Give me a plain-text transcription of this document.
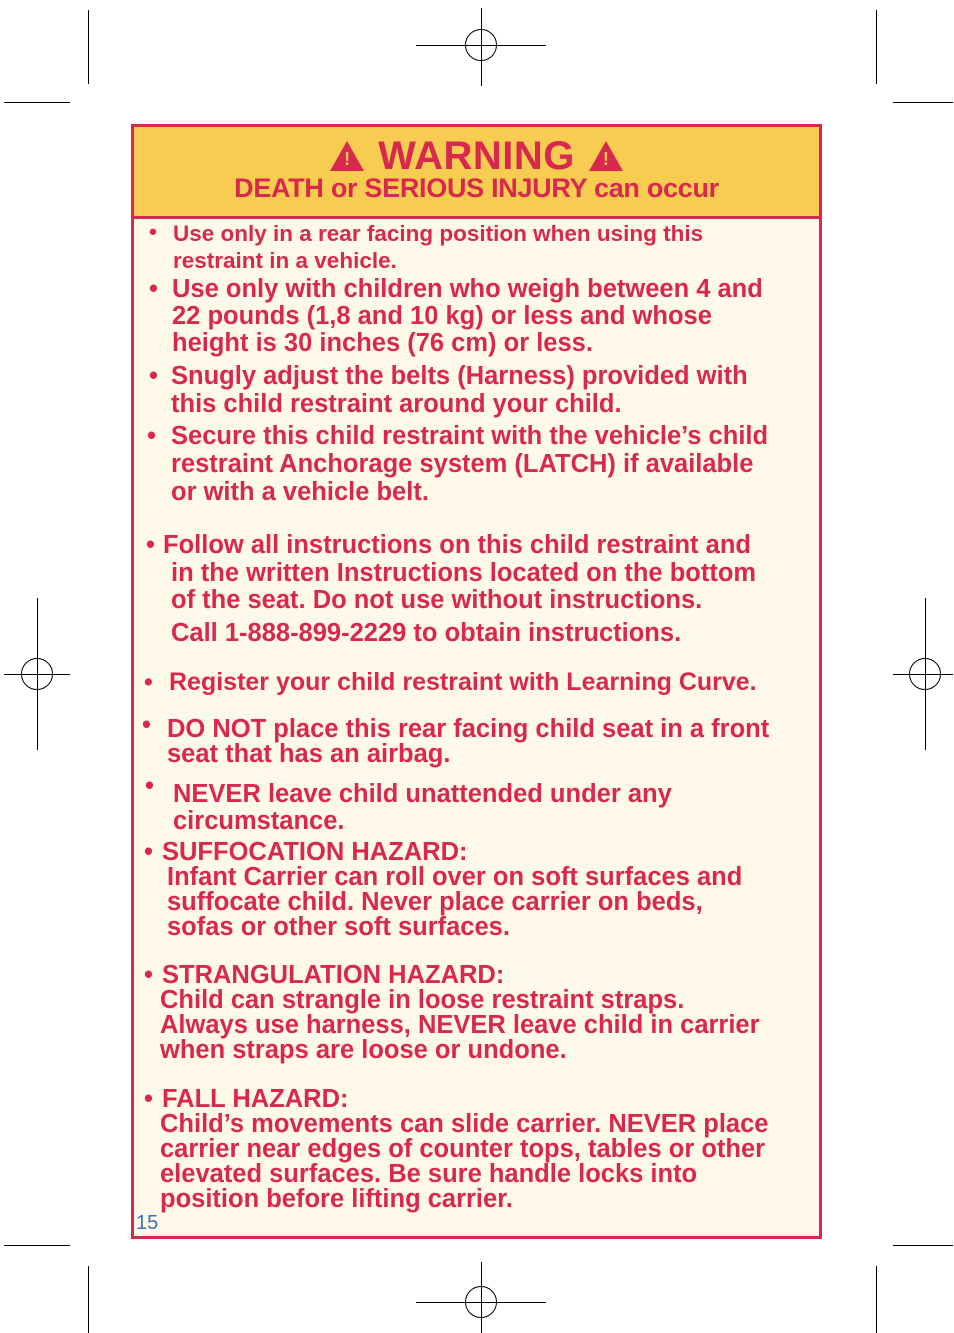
! WARNING !
DEATH or SERIOUS INJURY can occur
• Use only in a rear facing position when using this
restraint in a vehicle.
• Use only with children who weigh between 4 and
22 pounds (1,8 and 10 kg) or less and whose
height is 30 inches (76 cm) or less.
• Snugly adjust the belts (Harness) provided with
this child restraint around your child.
• Secure this child restraint with the vehicle’s child
restraint Anchorage system (LATCH) if available
or with a vehicle belt.
• Follow all instructions on this child restraint and
in the written Instructions located on the bottom
of the seat. Do not use without instructions.
Call 1-888-899-2229 to obtain instructions.
• Register your child restraint with Learning Curve.
• DO NOT place this rear facing child seat in a front
seat that has an airbag.
• NEVER leave child unattended under any
circumstance.
• SUFFOCATION HAZARD:
Infant Carrier can roll over on soft surfaces and
suffocate child. Never place carrier on beds,
sofas or other soft surfaces.
• STRANGULATION HAZARD:
Child can strangle in loose restraint straps.
Always use harness, NEVER leave child in carrier
when straps are loose or undone.
• FALL HAZARD:
Child’s movements can slide carrier. NEVER place
carrier near edges of counter tops, tables or other
elevated surfaces. Be sure handle locks into
position before lifting carrier.
15
